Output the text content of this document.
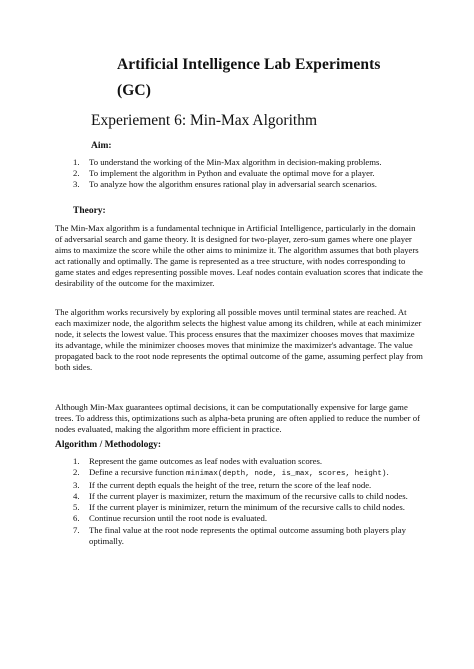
Artificial Intelligence Lab Experiments
(GC)
Experiement 6: Min-Max Algorithm
Aim:
1. To understand the working of the Min-Max algorithm in decision-making problems.
2. To implement the algorithm in Python and evaluate the optimal move for a player.
3. To analyze how the algorithm ensures rational play in adversarial search scenarios.
Theory:

The Min-Max algorithm is a fundamental technique in Artificial Intelligence, particularly in the domain of adversarial search and game theory. It is designed for two-player, zero-sum games where one player aims to maximize the score while the other aims to minimize it. The algorithm assumes that both players act rationally and optimally. The game is represented as a tree structure, with nodes corresponding to game states and edges representing possible moves. Leaf nodes contain evaluation scores that indicate the desirability of the outcome for the maximizer.

The algorithm works recursively by exploring all possible moves until terminal states are reached. At each maximizer node, the algorithm selects the highest value among its children, while at each minimizer node, it selects the lowest value. This process ensures that the maximizer chooses moves that maximize its advantage, while the minimizer chooses moves that minimize the maximizer's advantage. The value propagated back to the root node represents the optimal outcome of the game, assuming perfect play from both sides.

Although Min-Max guarantees optimal decisions, it can be computationally expensive for large game trees. To address this, optimizations such as alpha-beta pruning are often applied to reduce the number of nodes evaluated, making the algorithm more efficient in practice.

Algorithm / Methodology:
1. Represent the game outcomes as leaf nodes with evaluation scores.
2. Define a recursive function minimax(depth, node, is_max, scores, height).
3. If the current depth equals the height of the tree, return the score of the leaf node.
4. If the current player is maximizer, return the maximum of the recursive calls to child nodes.
5. If the current player is minimizer, return the minimum of the recursive calls to child nodes.
6. Continue recursion until the root node is evaluated.
7. The final value at the root node represents the optimal outcome assuming both players play optimally.
